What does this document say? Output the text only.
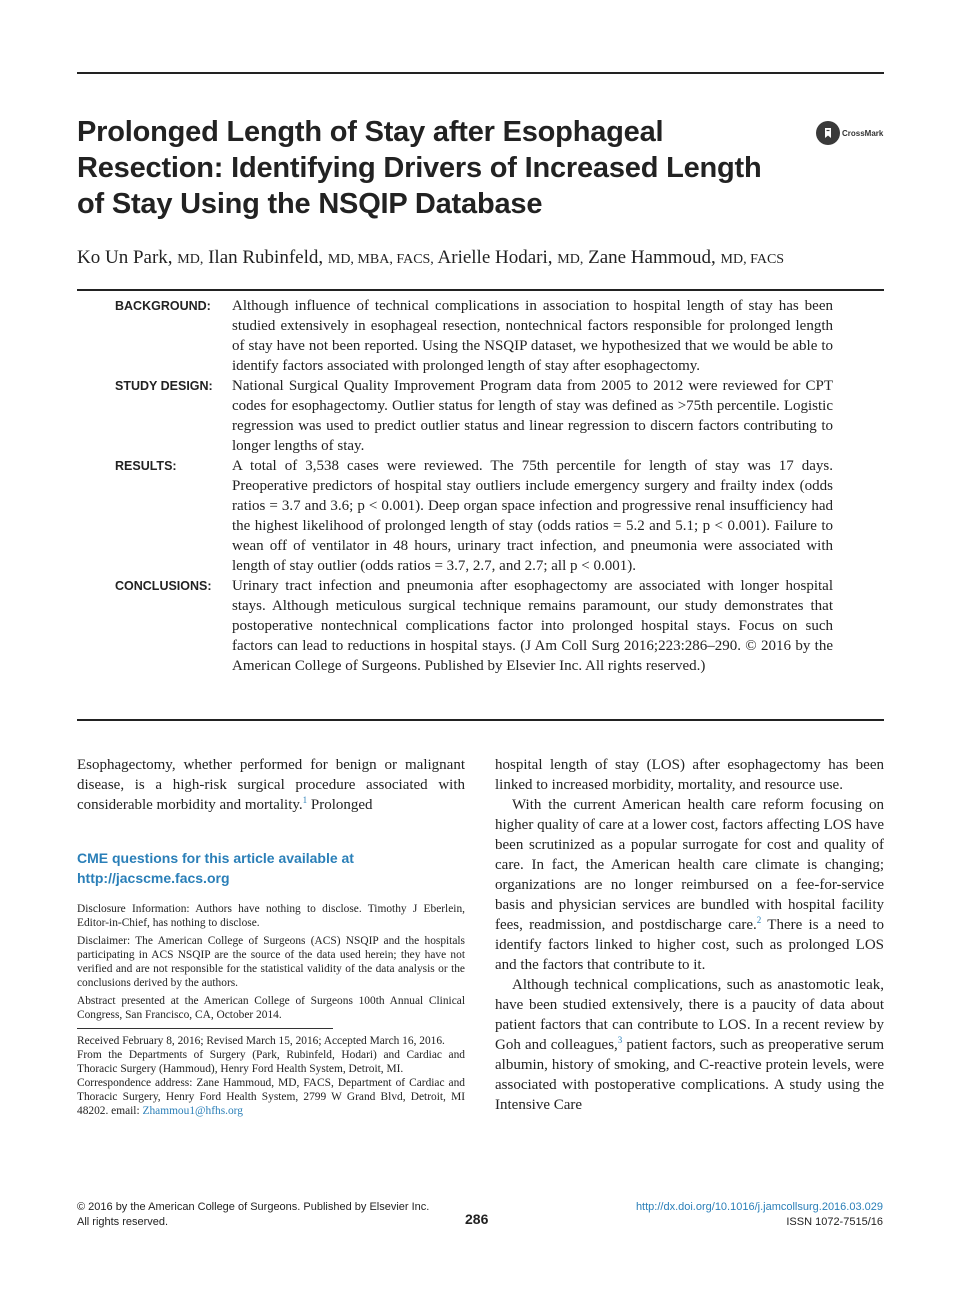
Prolonged Length of Stay after Esophageal Resection: Identifying Drivers of Increased Length of Stay Using the NSQIP Database
CrossMark
Ko Un Park, MD, Ilan Rubinfeld, MD, MBA, FACS, Arielle Hodari, MD, Zane Hammoud, MD, FACS
BACKGROUND:	Although influence of technical complications in association to hospital length of stay has been studied extensively in esophageal resection, nontechnical factors responsible for prolonged length of stay have not been reported. Using the NSQIP dataset, we hypothesized that we would be able to identify factors associated with prolonged length of stay after esophagectomy.
STUDY DESIGN:	National Surgical Quality Improvement Program data from 2005 to 2012 were reviewed for CPT codes for esophagectomy. Outlier status for length of stay was defined as >75th percentile. Logistic regression was used to predict outlier status and linear regression to discern factors contributing to longer lengths of stay.
RESULTS:	A total of 3,538 cases were reviewed. The 75th percentile for length of stay was 17 days. Preoperative predictors of hospital stay outliers include emergency surgery and frailty index (odds ratios = 3.7 and 3.6; p < 0.001). Deep organ space infection and progressive renal insufficiency had the highest likelihood of prolonged length of stay (odds ratios = 5.2 and 5.1; p < 0.001). Failure to wean off of ventilator in 48 hours, urinary tract infection, and pneumonia were associated with length of stay outlier (odds ratios = 3.7, 2.7, and 2.7; all p < 0.001).
CONCLUSIONS:	Urinary tract infection and pneumonia after esophagectomy are associated with longer hospital stays. Although meticulous surgical technique remains paramount, our study demonstrates that postoperative nontechnical complications factor into prolonged hospital stays. Focus on such factors can lead to reductions in hospital stays. (J Am Coll Surg 2016;223:286–290. © 2016 by the American College of Surgeons. Published by Elsevier Inc. All rights reserved.)

Esophagectomy, whether performed for benign or malignant disease, is a high-risk surgical procedure associated with considerable morbidity and mortality.$^1$ Prolonged

CME questions for this article available at
http://jacscme.facs.org

Disclosure Information: Authors have nothing to disclose. Timothy J Eberlein, Editor-in-Chief, has nothing to disclose.

Disclaimer: The American College of Surgeons (ACS) NSQIP and the hospitals participating in ACS NSQIP are the source of the data used herein; they have not verified and are not responsible for the statistical validity of the data analysis or the conclusions derived by the authors.

Abstract presented at the American College of Surgeons 100th Annual Clinical Congress, San Francisco, CA, October 2014.

Received February 8, 2016; Revised March 15, 2016; Accepted March 16, 2016.

From the Departments of Surgery (Park, Rubinfeld, Hodari) and Cardiac and Thoracic Surgery (Hammoud), Henry Ford Health System, Detroit, MI.

Correspondence address: Zane Hammoud, MD, FACS, Department of Cardiac and Thoracic Surgery, Henry Ford Health System, 2799 W Grand Blvd, Detroit, MI 48202. email: Zhammou1@hfhs.org

hospital length of stay (LOS) after esophagectomy has been linked to increased morbidity, mortality, and resource use.

With the current American health care reform focusing on higher quality of care at a lower cost, factors affecting LOS have been scrutinized as a popular surrogate for cost and quality of care. In fact, the American health care climate is changing; organizations are no longer reimbursed on a fee-for-service basis and physician services are bundled with hospital facility fees, readmission, and postdischarge care.$^2$ There is a need to identify factors linked to higher cost, such as prolonged LOS and the factors that contribute to it.

Although technical complications, such as anastomotic leak, have been studied extensively, there is a paucity of data about patient factors that can contribute to LOS. In a recent review by Goh and colleagues,$^3$ patient factors, such as preoperative serum albumin, history of smoking, and C-reactive protein levels, were associated with postoperative complications. A study using the Intensive Care

© 2016 by the American College of Surgeons. Published by Elsevier Inc.
All rights reserved.	286
http://dx.doi.org/10.1016/j.jamcollsurg.2016.03.029
ISSN 1072-7515/16
